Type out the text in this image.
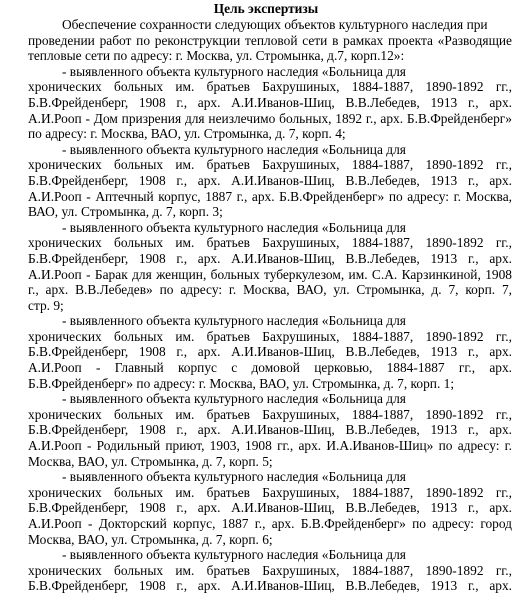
Цель экспертизы
Обеспечение сохранности следующих объектов культурного наследия при
проведении работ по реконструкции тепловой сети в рамках проекта «Разводящие
тепловые сети по адресу: г. Москва, ул. Стромынка, д.7, корп.12»:
- выявленного объекта культурного наследия «Больница для
хронических больных им. братьев Бахрушиных, 1884-1887, 1890-1892 гг.,
Б.В.Фрейденберг, 1908 г., арх. А.И.Иванов-Шиц, В.В.Лебедев, 1913 г., арх.
А.И.Рооп - Дом призрения для неизлечимо больных, 1892 г., арх. Б.В.Фрейденберг»
по адресу: г. Москва, ВАО, ул. Стромынка, д. 7, корп. 4;
- выявленного объекта культурного наследия «Больница для
хронических больных им. братьев Бахрушиных, 1884-1887, 1890-1892 гг.,
Б.В.Фрейденберг, 1908 г., арх. А.И.Иванов-Шиц, В.В.Лебедев, 1913 г., арх.
А.И.Рооп - Аптечный корпус, 1887 г., арх. Б.В.Фрейденберг» по адресу: г. Москва,
ВАО, ул. Стромынка, д. 7, корп. 3;
- выявленного объекта культурного наследия «Больница для
хронических больных им. братьев Бахрушиных, 1884-1887, 1890-1892 гг.,
Б.В.Фрейденберг, 1908 г., арх. А.И.Иванов-Шиц, В.В.Лебедев, 1913 г., арх.
А.И.Рооп - Барак для женщин, больных туберкулезом, им. С.А. Карзинкиной, 1908
г., арх. В.В.Лебедев» по адресу: г. Москва, ВАО, ул. Стромынка, д. 7, корп. 7,
стр. 9;
- выявленного объекта культурного наследия «Больница для
хронических больных им. братьев Бахрушиных, 1884-1887, 1890-1892 гг.,
Б.В.Фрейденберг, 1908 г., арх. А.И.Иванов-Шиц, В.В.Лебедев, 1913 г., арх.
А.И.Рооп - Главный корпус с домовой церковью, 1884-1887 гг., арх.
Б.В.Фрейденберг» по адресу: г. Москва, ВАО, ул. Стромынка, д. 7, корп. 1;
- выявленного объекта культурного наследия «Больница для
хронических больных им. братьев Бахрушиных, 1884-1887, 1890-1892 гг.,
Б.В.Фрейденберг, 1908 г., арх. А.И.Иванов-Шиц, В.В.Лебедев, 1913 г., арх.
А.И.Рооп - Родильный приют, 1903, 1908 гг., арх. И.А.Иванов-Шиц» по адресу: г.
Москва, ВАО, ул. Стромынка, д. 7, корп. 5;
- выявленного объекта культурного наследия «Больница для
хронических больных им. братьев Бахрушиных, 1884-1887, 1890-1892 гг.,
Б.В.Фрейденберг, 1908 г., арх. А.И.Иванов-Шиц, В.В.Лебедев, 1913 г., арх.
А.И.Рооп - Докторский корпус, 1887 г., арх. Б.В.Фрейденберг» по адресу: город
Москва, ВАО, ул. Стромынка, д. 7, корп. 6;
- выявленного объекта культурного наследия «Больница для
хронических больных им. братьев Бахрушиных, 1884-1887, 1890-1892 гг.,
Б.В.Фрейденберг, 1908 г., арх. А.И.Иванов-Шиц, В.В.Лебедев, 1913 г., арх.
